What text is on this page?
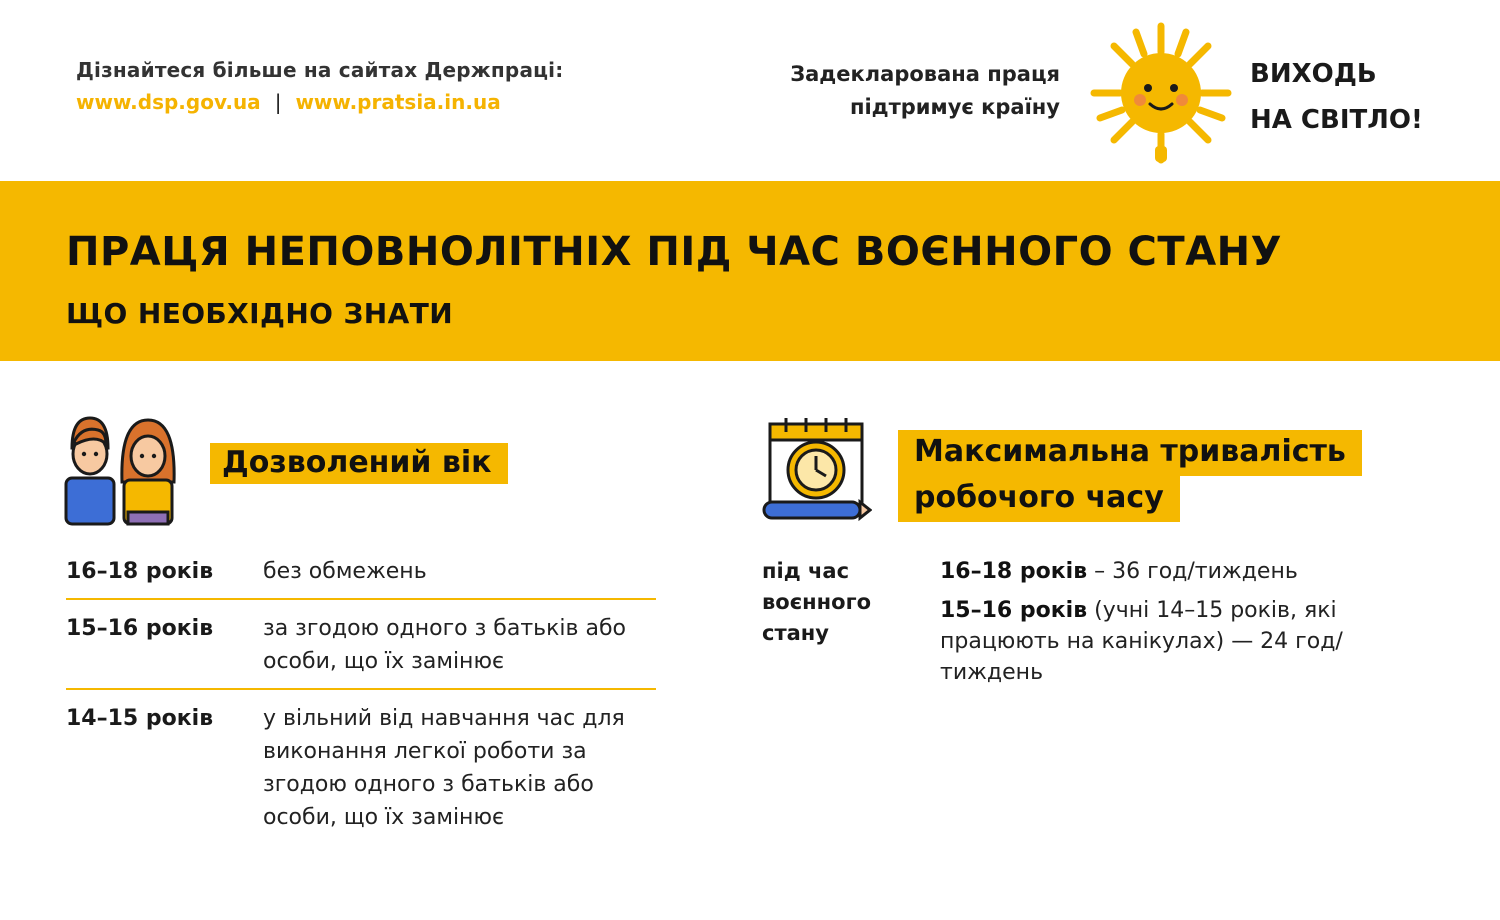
Дізнайтеся більше на сайтах Держпраці:
www.dsp.gov.ua | www.pratsia.in.ua
Задекларована праця
підтримує країну
ВИХОДЬ
НА СВІТЛО!
ПРАЦЯ НЕПОВНОЛІТНІХ ПІД ЧАС ВОЄННОГО СТАНУ
ЩО НЕОБХІДНО ЗНАТИ
Дозволений вік
16–18 років	без обмежень
15–16 років	за згодою одного з батьків або особи, що їх замінює
14–15 років	у вільний від навчання час для виконання легкої роботи за згодою одного з батьків або особи, що їх замінює
Максимальна тривалість
робочого часу
під час воєнного стану
16–18 років – 36 год/тиждень
15–16 років (учні 14–15 років, які працюють на канікулах) — 24 год/тиждень
